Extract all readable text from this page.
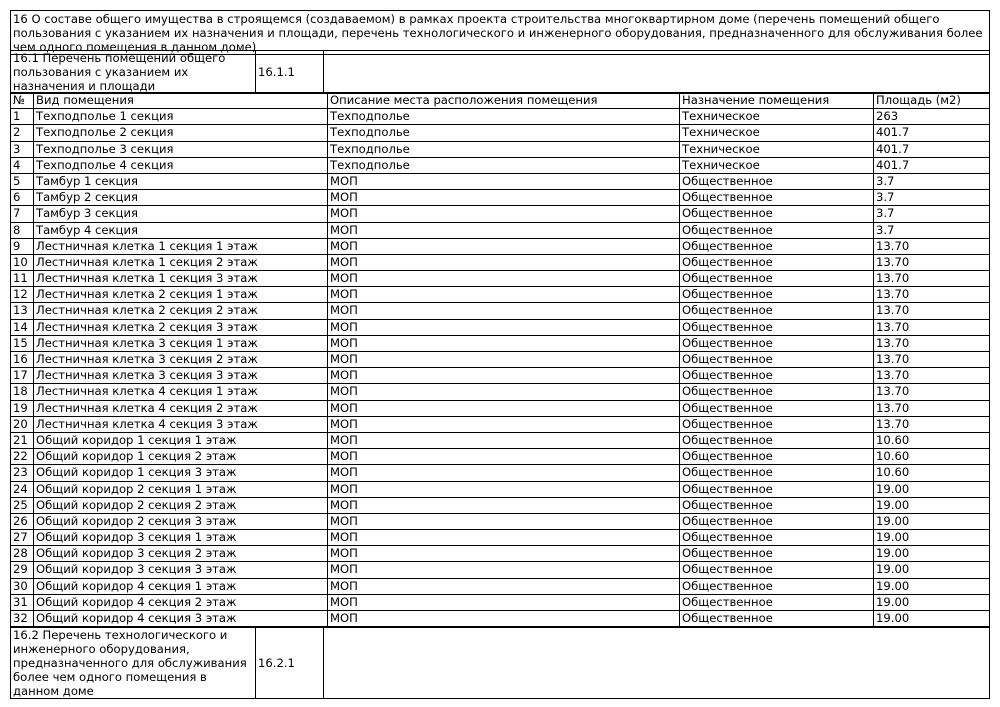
16 О составе общего имущества в строящемся (создаваемом) в рамках проекта строительства многоквартирном доме (перечень помещений общего пользования с указанием их назначения и площади, перечень технологического и инженерного оборудования, предназначенного для обслуживания более чем одного помещения в данном доме)
16.1 Перечень помещений общего пользования с указанием их назначения и площади	16.1.1	
№	Вид помещения	Описание места расположения помещения	Назначение помещения	Площадь (м2)
1	Техподполье 1 секция	Техподполье	Техническое	263
2	Техподполье 2 секция	Техподполье	Техническое	401.7
3	Техподполье 3 секция	Техподполье	Техническое	401.7
4	Техподполье 4 секция	Техподполье	Техническое	401.7
5	Тамбур 1 секция	МОП	Общественное	3.7
6	Тамбур 2 секция	МОП	Общественное	3.7
7	Тамбур 3 секция	МОП	Общественное	3.7
8	Тамбур 4 секция	МОП	Общественное	3.7
9	Лестничная клетка 1 секция 1 этаж	МОП	Общественное	13.70
10	Лестничная клетка 1 секция 2 этаж	МОП	Общественное	13.70
11	Лестничная клетка 1 секция 3 этаж	МОП	Общественное	13.70
12	Лестничная клетка 2 секция 1 этаж	МОП	Общественное	13.70
13	Лестничная клетка 2 секция 2 этаж	МОП	Общественное	13.70
14	Лестничная клетка 2 секция 3 этаж	МОП	Общественное	13.70
15	Лестничная клетка 3 секция 1 этаж	МОП	Общественное	13.70
16	Лестничная клетка 3 секция 2 этаж	МОП	Общественное	13.70
17	Лестничная клетка 3 секция 3 этаж	МОП	Общественное	13.70
18	Лестничная клетка 4 секция 1 этаж	МОП	Общественное	13.70
19	Лестничная клетка 4 секция 2 этаж	МОП	Общественное	13.70
20	Лестничная клетка 4 секция 3 этаж	МОП	Общественное	13.70
21	Общий коридор 1 секция 1 этаж	МОП	Общественное	10.60
22	Общий коридор 1 секция 2 этаж	МОП	Общественное	10.60
23	Общий коридор 1 секция 3 этаж	МОП	Общественное	10.60
24	Общий коридор 2 секция 1 этаж	МОП	Общественное	19.00
25	Общий коридор 2 секция 2 этаж	МОП	Общественное	19.00
26	Общий коридор 2 секция 3 этаж	МОП	Общественное	19.00
27	Общий коридор 3 секция 1 этаж	МОП	Общественное	19.00
28	Общий коридор 3 секция 2 этаж	МОП	Общественное	19.00
29	Общий коридор 3 секция 3 этаж	МОП	Общественное	19.00
30	Общий коридор 4 секция 1 этаж	МОП	Общественное	19.00
31	Общий коридор 4 секция 2 этаж	МОП	Общественное	19.00
32	Общий коридор 4 секция 3 этаж	МОП	Общественное	19.00
16.2 Перечень технологического и инженерного оборудования, предназначенного для обслуживания более чем одного помещения в данном доме	16.2.1	
